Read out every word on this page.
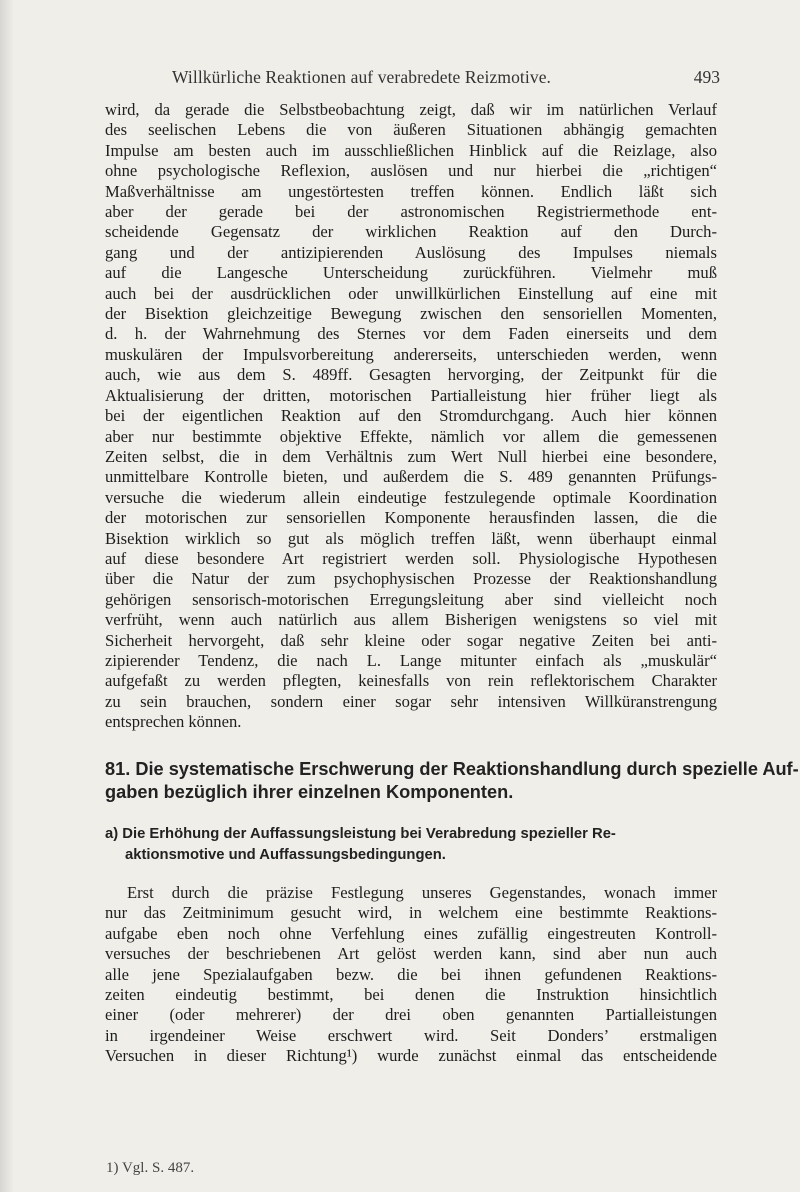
Willkürliche Reaktionen auf verabredete Reizmotive.	493
wird, da gerade die Selbstbeobachtung zeigt, daß wir im natürlichen Verlauf
des seelischen Lebens die von äußeren Situationen abhängig gemachten
Impulse am besten auch im ausschließlichen Hinblick auf die Reizlage, also
ohne psychologische Reflexion, auslösen und nur hierbei die „richtigen“
Maßverhältnisse am ungestörtesten treffen können. Endlich läßt sich
aber der gerade bei der astronomischen Registriermethode ent-
scheidende Gegensatz der wirklichen Reaktion auf den Durch-
gang und der antizipierenden Auslösung des Impulses niemals
auf die Langesche Unterscheidung zurückführen. Vielmehr muß
auch bei der ausdrücklichen oder unwillkürlichen Einstellung auf eine mit
der Bisektion gleichzeitige Bewegung zwischen den sensoriellen Momenten,
d. h. der Wahrnehmung des Sternes vor dem Faden einerseits und dem
muskulären der Impulsvorbereitung andererseits, unterschieden werden, wenn
auch, wie aus dem S. 489ff. Gesagten hervorging, der Zeitpunkt für die
Aktualisierung der dritten, motorischen Partialleistung hier früher liegt als
bei der eigentlichen Reaktion auf den Stromdurchgang. Auch hier können
aber nur bestimmte objektive Effekte, nämlich vor allem die gemessenen
Zeiten selbst, die in dem Verhältnis zum Wert Null hierbei eine besondere,
unmittelbare Kontrolle bieten, und außerdem die S. 489 genannten Prüfungs-
versuche die wiederum allein eindeutige festzulegende optimale Koordination
der motorischen zur sensoriellen Komponente herausfinden lassen, die die
Bisektion wirklich so gut als möglich treffen läßt, wenn überhaupt einmal
auf diese besondere Art registriert werden soll. Physiologische Hypothesen
über die Natur der zum psychophysischen Prozesse der Reaktionshandlung
gehörigen sensorisch-motorischen Erregungsleitung aber sind vielleicht noch
verfrüht, wenn auch natürlich aus allem Bisherigen wenigstens so viel mit
Sicherheit hervorgeht, daß sehr kleine oder sogar negative Zeiten bei anti-
zipierender Tendenz, die nach L. Lange mitunter einfach als „muskulär“
aufgefaßt zu werden pflegten, keinesfalls von rein reflektorischem Charakter
zu sein brauchen, sondern einer sogar sehr intensiven Willküranstrengung
entsprechen können.
81. Die systematische Erschwerung der Reaktionshandlung durch spezielle Auf-
gaben bezüglich ihrer einzelnen Komponenten.
a) Die Erhöhung der Auffassungsleistung bei Verabredung spezieller Re-
aktionsmotive und Auffassungsbedingungen.
Erst durch die präzise Festlegung unseres Gegenstandes, wonach immer
nur das Zeitminimum gesucht wird, in welchem eine bestimmte Reaktions-
aufgabe eben noch ohne Verfehlung eines zufällig eingestreuten Kontroll-
versuches der beschriebenen Art gelöst werden kann, sind aber nun auch
alle jene Spezialaufgaben bezw. die bei ihnen gefundenen Reaktions-
zeiten eindeutig bestimmt, bei denen die Instruktion hinsichtlich
einer (oder mehrerer) der drei oben genannten Partialleistungen
in irgendeiner Weise erschwert wird. Seit Donders’ erstmaligen
Versuchen in dieser Richtung¹) wurde zunächst einmal das entscheidende
1) Vgl. S. 487.
